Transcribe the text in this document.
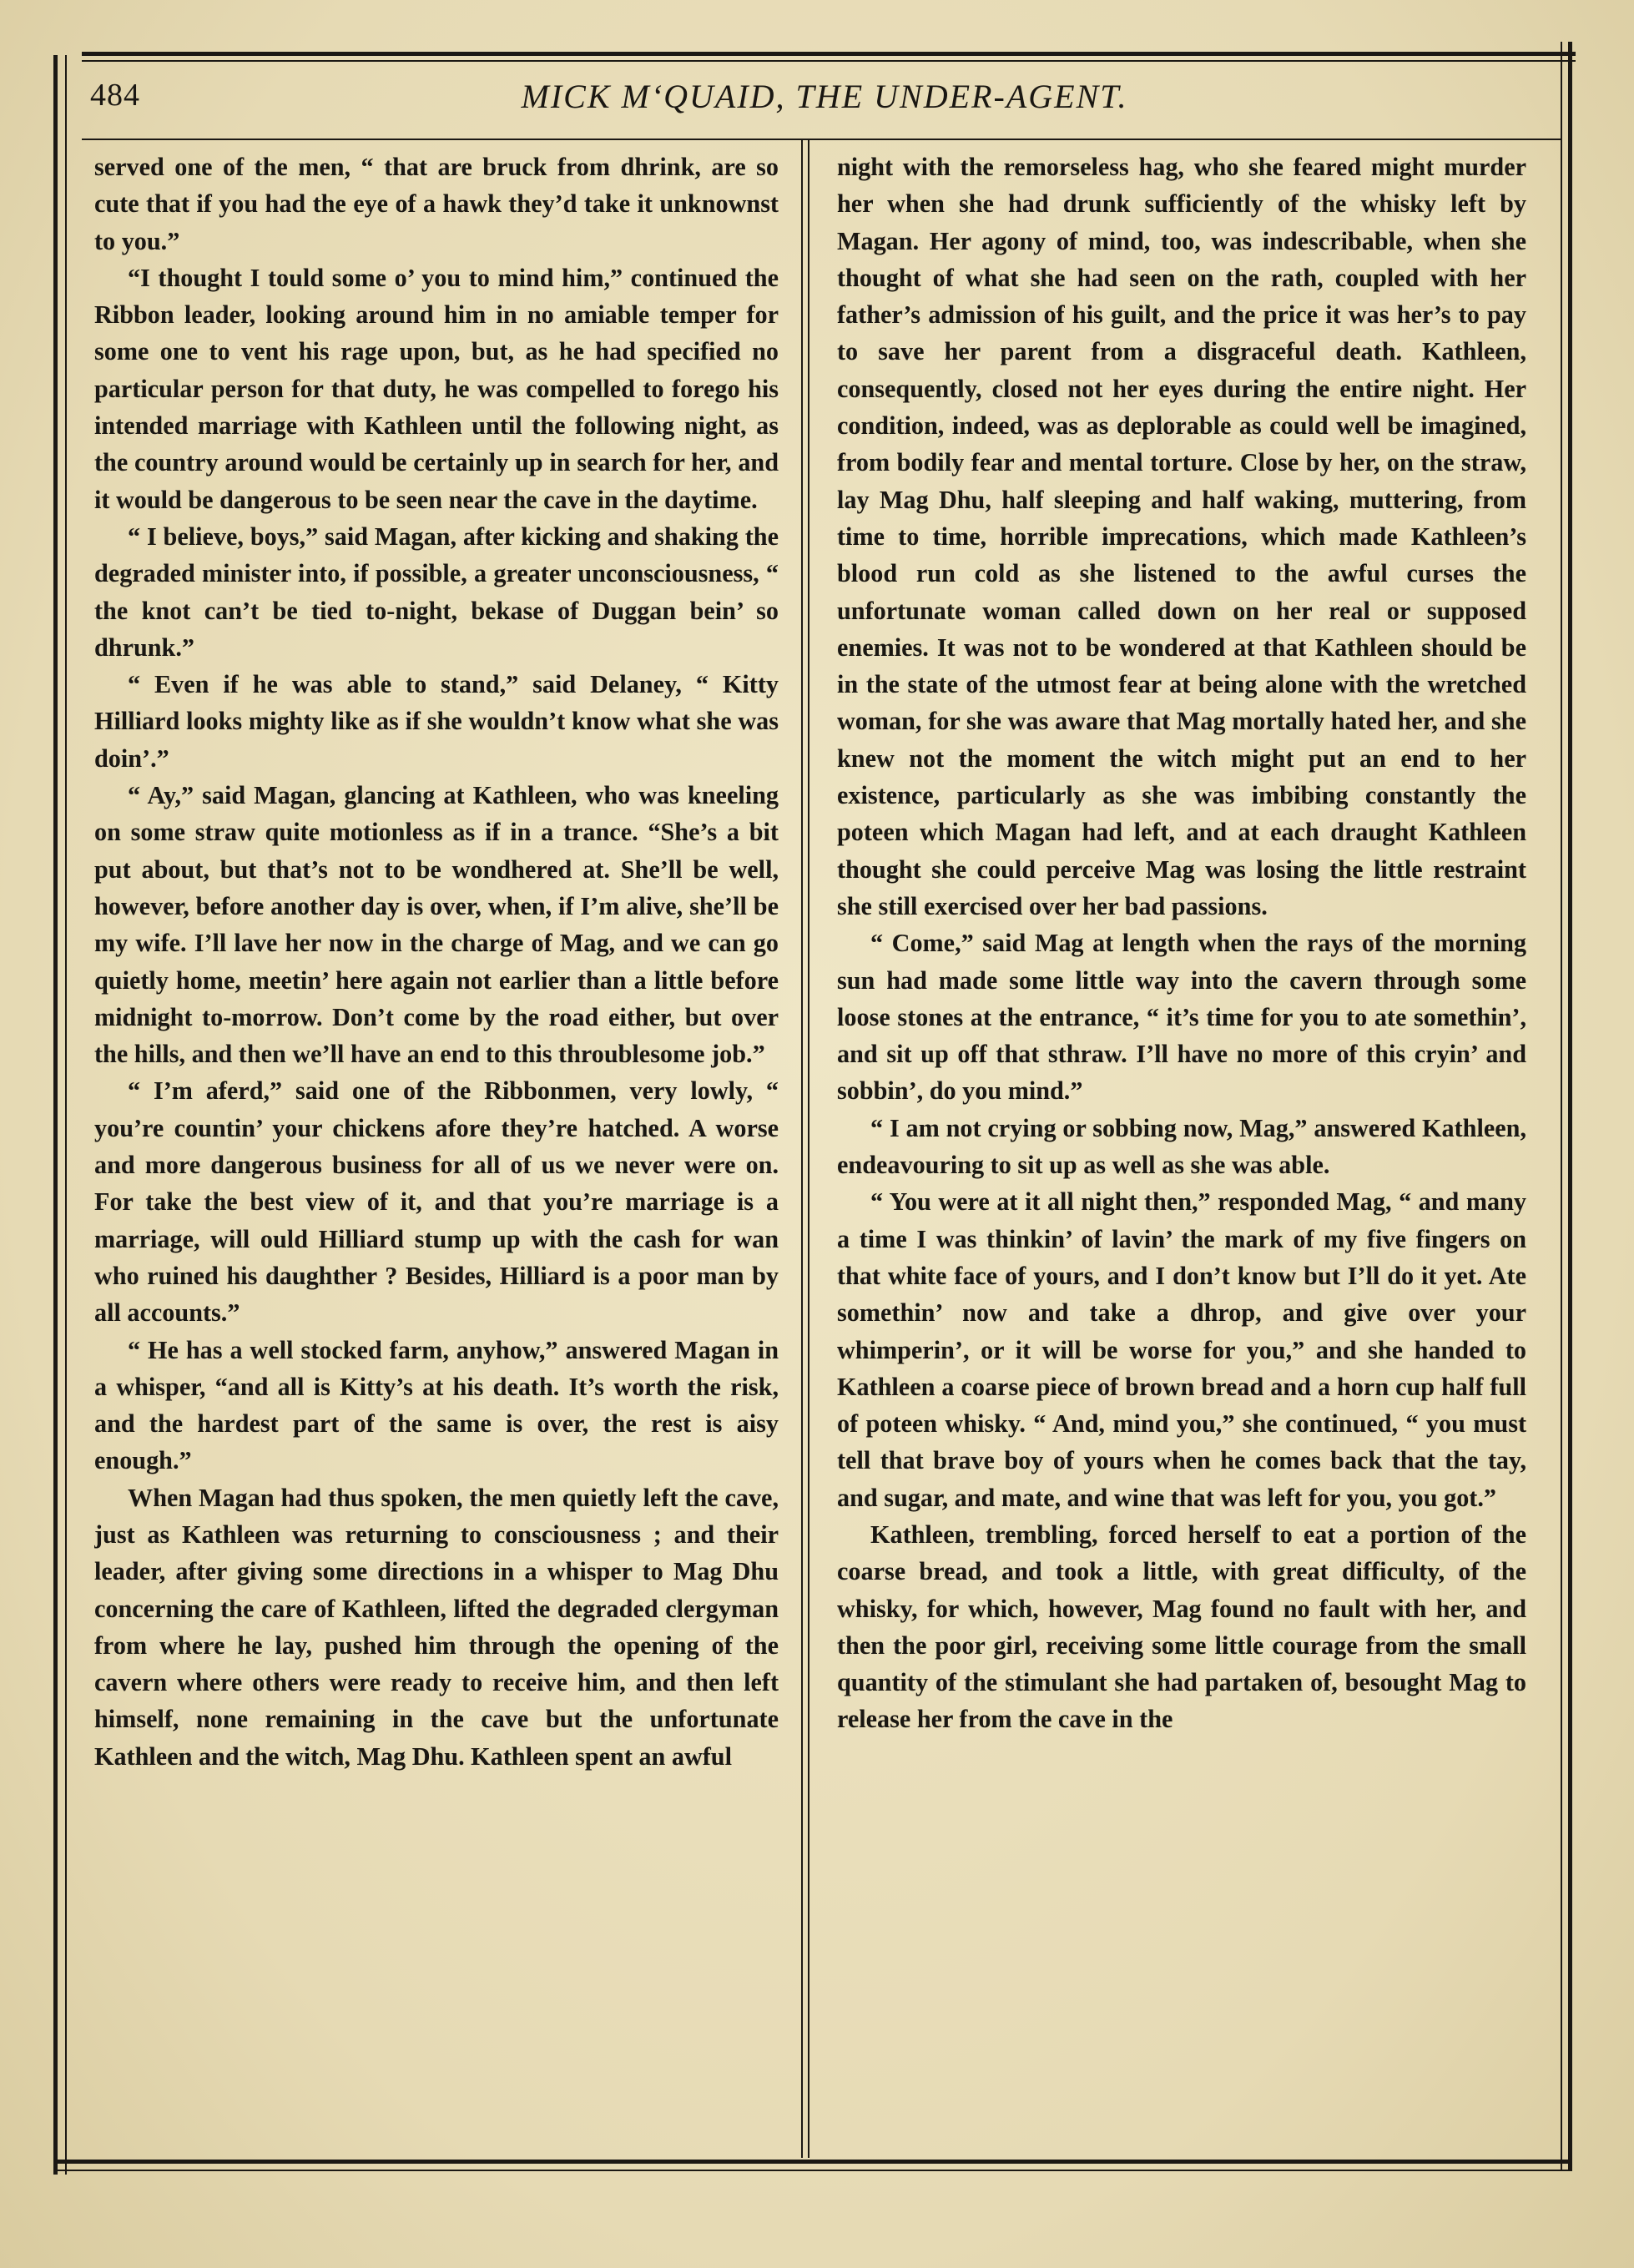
484	MICK M‘QUAID, THE UNDER-AGENT.

served one of the men, “ that are bruck from dhrink, are so cute that if you had the eye of a hawk they’d take it unknownst to you.”

“I thought I tould some o’ you to mind him,” continued the Ribbon leader, looking around him in no amiable temper for some one to vent his rage upon, but, as he had specified no particular person for that duty, he was compelled to forego his intended marriage with Kathleen until the following night, as the country around would be certainly up in search for her, and it would be dangerous to be seen near the cave in the daytime.

“ I believe, boys,” said Magan, after kicking and shaking the degraded minister into, if possible, a greater unconsciousness, “ the knot can’t be tied to-night, bekase of Duggan bein’ so dhrunk.”

“ Even if he was able to stand,” said Delaney, “ Kitty Hilliard looks mighty like as if she wouldn’t know what she was doin’.”

“ Ay,” said Magan, glancing at Kathleen, who was kneeling on some straw quite motionless as if in a trance. “She’s a bit put about, but that’s not to be wondhered at. She’ll be well, however, before another day is over, when, if I’m alive, she’ll be my wife. I’ll lave her now in the charge of Mag, and we can go quietly home, meetin’ here again not earlier than a little before midnight to-morrow. Don’t come by the road either, but over the hills, and then we’ll have an end to this throublesome job.”

“ I’m aferd,” said one of the Ribbonmen, very lowly, “ you’re countin’ your chickens afore they’re hatched. A worse and more dangerous business for all of us we never were on. For take the best view of it, and that you’re marriage is a marriage, will ould Hilliard stump up with the cash for wan who ruined his daughther ? Besides, Hilliard is a poor man by all accounts.”

“ He has a well stocked farm, anyhow,” answered Magan in a whisper, “and all is Kitty’s at his death. It’s worth the risk, and the hardest part of the same is over, the rest is aisy enough.”

When Magan had thus spoken, the men quietly left the cave, just as Kathleen was returning to consciousness ; and their leader, after giving some directions in a whisper to Mag Dhu concerning the care of Kathleen, lifted the degraded clergyman from where he lay, pushed him through the opening of the cavern where others were ready to receive him, and then left himself, none remaining in the cave but the unfortunate Kathleen and the witch, Mag Dhu. Kathleen spent an awful

night with the remorseless hag, who she feared might murder her when she had drunk sufficiently of the whisky left by Magan. Her agony of mind, too, was indescribable, when she thought of what she had seen on the rath, coupled with her father’s admission of his guilt, and the price it was her’s to pay to save her parent from a disgraceful death. Kathleen, consequently, closed not her eyes during the entire night. Her condition, indeed, was as deplorable as could well be imagined, from bodily fear and mental torture. Close by her, on the straw, lay Mag Dhu, half sleeping and half waking, muttering, from time to time, horrible imprecations, which made Kathleen’s blood run cold as she listened to the awful curses the unfortunate woman called down on her real or supposed enemies. It was not to be wondered at that Kathleen should be in the state of the utmost fear at being alone with the wretched woman, for she was aware that Mag mortally hated her, and she knew not the moment the witch might put an end to her existence, particularly as she was imbibing constantly the poteen which Magan had left, and at each draught Kathleen thought she could perceive Mag was losing the little restraint she still exercised over her bad passions.

“ Come,” said Mag at length when the rays of the morning sun had made some little way into the cavern through some loose stones at the entrance, “ it’s time for you to ate somethin’, and sit up off that sthraw. I’ll have no more of this cryin’ and sobbin’, do you mind.”

“ I am not crying or sobbing now, Mag,” answered Kathleen, endeavouring to sit up as well as she was able.

“ You were at it all night then,” responded Mag, “ and many a time I was thinkin’ of lavin’ the mark of my five fingers on that white face of yours, and I don’t know but I’ll do it yet. Ate somethin’ now and take a dhrop, and give over your whimperin’, or it will be worse for you,” and she handed to Kathleen a coarse piece of brown bread and a horn cup half full of poteen whisky. “ And, mind you,” she continued, “ you must tell that brave boy of yours when he comes back that the tay, and sugar, and mate, and wine that was left for you, you got.”

Kathleen, trembling, forced herself to eat a portion of the coarse bread, and took a little, with great difficulty, of the whisky, for which, however, Mag found no fault with her, and then the poor girl, receiving some little courage from the small quantity of the stimulant she had partaken of, besought Mag to release her from the cave in the
